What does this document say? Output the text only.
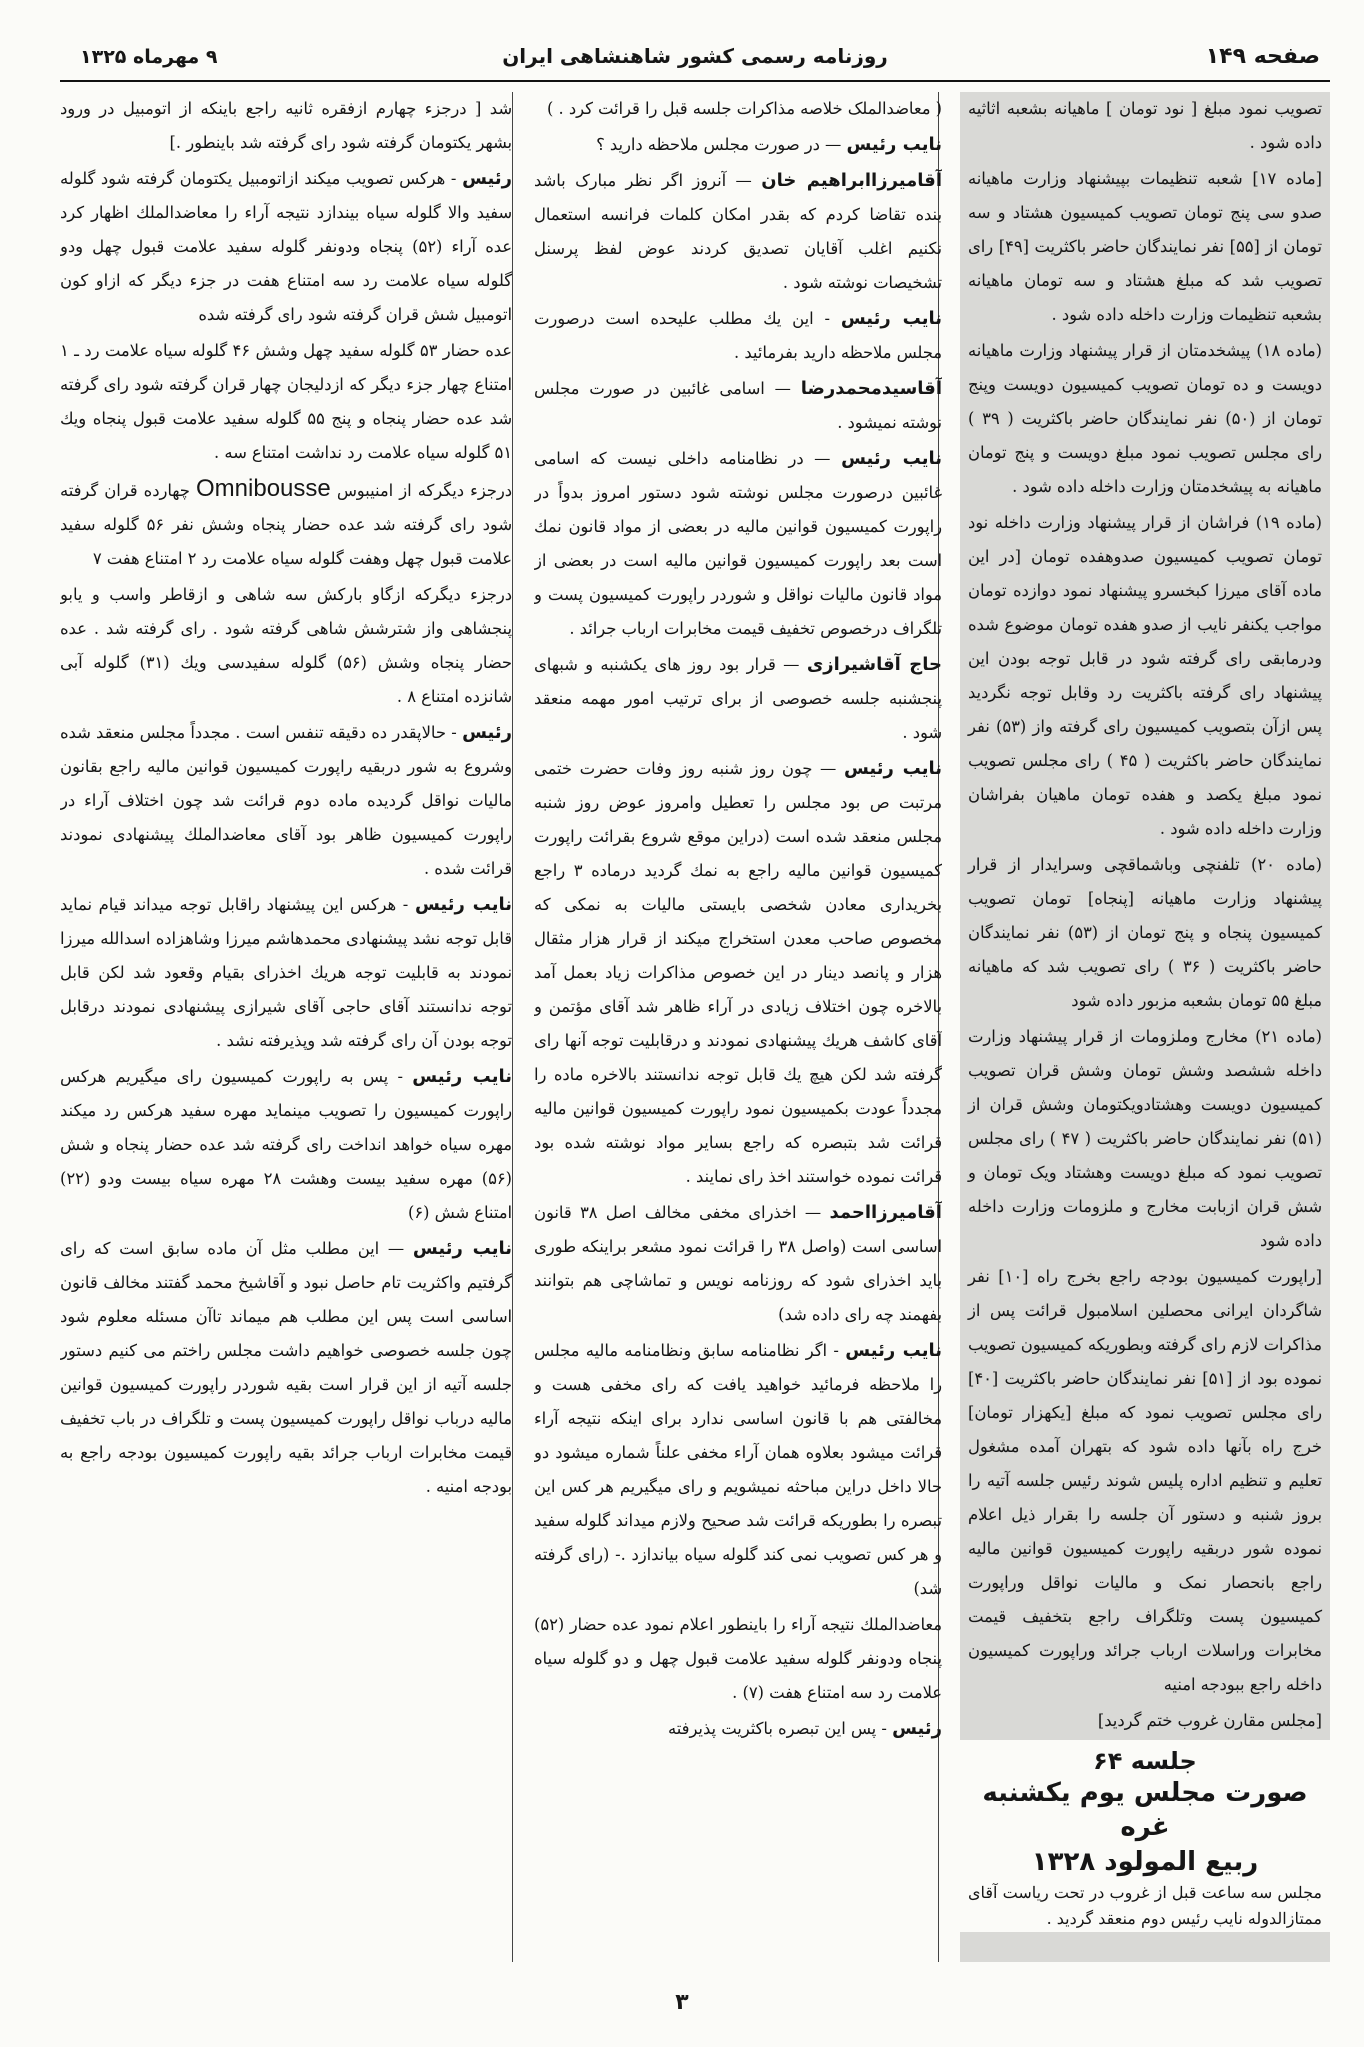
صفحه ۱۴۹
روزنامه رسمی کشور شاهنشاهی ایران
۹ مهرماه ۱۳۲۵

تصویب نمود مبلغ [ نود تومان ] ماهیانه بشعبه اثاثیه داده شود .

[ماده ۱۷] شعبه تنظیمات بپیشنهاد وزارت ماهیانه صدو سی پنج تومان تصویب کمیسیون هشتاد و سه تومان از [۵۵] نفر نمایندگان حاضر باکثریت [۴۹] رای تصویب شد که مبلغ هشتاد و سه تومان ماهیانه بشعبه تنظیمات وزارت داخله داده شود .

(ماده ۱۸) پیشخدمتان از قرار پیشنهاد وزارت ماهیانه دویست و ده تومان تصویب کمیسیون دویست وپنج تومان از (۵۰) نفر نمایندگان حاضر باکثریت ( ۳۹ ) رای مجلس تصویب نمود مبلغ دویست و پنج تومان ماهیانه به پیشخدمتان وزارت داخله داده شود .

(ماده ۱۹) فراشان از قرار پیشنهاد وزارت داخله نود تومان تصویب کمیسیون صدوهفده تومان [در این ماده آقای میرزا کبخسرو پیشنهاد نمود دوازده تومان مواجب یکنفر نایب از صدو هفده تومان موضوع شده ودرمابقی رای گرفته شود در قابل توجه بودن این پیشنهاد رای گرفته باکثریت رد وقابل توجه نگردید پس ازآن بتصویب کمیسیون رای گرفته واز (۵۳) نفر نمایندگان حاضر باکثریت ( ۴۵ ) رای مجلس تصویب نمود مبلغ یکصد و هفده تومان ماهیان بفراشان وزارت داخله داده شود .

(ماده ۲۰) تلفنچی وباشماقچی وسرایدار از قرار پیشنهاد وزارت ماهیانه [پنجاه] تومان تصویب کمیسیون پنجاه و پنج تومان از (۵۳) نفر نمایندگان حاضر باکثریت ( ۳۶ ) رای تصویب شد که ماهیانه مبلغ ۵۵ تومان بشعبه مزبور داده شود

(ماده ۲۱) مخارج وملزومات از قرار پیشنهاد وزارت داخله ششصد وشش تومان وشش قران تصویب کمیسیون دویست وهشتادویکتومان وشش قران از (۵۱) نفر نمایندگان حاضر باکثریت ( ۴۷ ) رای مجلس تصویب نمود که مبلغ دویست وهشتاد ویک تومان و شش قران ازبابت مخارج و ملزومات وزارت داخله داده شود

[راپورت کمیسیون بودجه راجع بخرج راه [۱۰] نفر شاگردان ایرانی محصلین اسلامبول قرائت پس از مذاکرات لازم رای گرفته وبطوریکه کمیسیون تصویب نموده بود از [۵۱] نفر نمایندگان حاضر باکثریت [۴۰] رای مجلس تصویب نمود که مبلغ [یکهزار تومان] خرج راه بآنها داده شود که بتهران آمده مشغول تعلیم و تنظیم اداره پلیس شوند رئیس جلسه آتیه را بروز شنبه و دستور آن جلسه را بقرار ذیل اعلام نموده شور دربقیه راپورت کمیسیون قوانین مالیه راجع بانحصار نمک و مالیات نواقل وراپورت کمیسیون پست وتلگراف راجع بتخفیف قیمت مخابرات وراسلات ارباب جرائد وراپورت کمیسیون داخله راجع ببودجه امنیه

[مجلس مقارن غروب ختم گردید]

جلسه ۶۴
صورت مجلس یوم یکشنبه غره
ربیع المولود ۱۳۲۸
مجلس سه ساعت قبل از غروب در تحت ریاست آقای ممتازالدوله نایب رئیس دوم منعقد گردید .

( معاضدالملک خلاصه مذاکرات جلسه قبل را قرائت کرد . )

نایب رئیس — در صورت مجلس ملاحظه دارید ؟

آقامیرزاابراهیم خان — آنروز اگر نظر مبارک باشد بنده تقاضا کردم که بقدر امکان کلمات فرانسه استعمال نکنیم اغلب آقایان تصدیق کردند عوض لفظ پرسنل تشخیصات نوشته شود .

نایب رئیس - این یك مطلب علیحده است درصورت مجلس ملاحظه دارید بفرمائید .

آقاسیدمحمدرضا — اسامی غائبین در صورت مجلس نوشته نمیشود .

نایب رئیس — در نظامنامه داخلی نیست که اسامی غائبین درصورت مجلس نوشته شود دستور امروز بدواً در راپورت کمیسیون قوانین مالیه در بعضی از مواد قانون نمك است بعد راپورت کمیسیون قوانین مالیه است در بعضی از مواد قانون مالیات نواقل و شوردر راپورت کمیسیون پست و تلگراف درخصوص تخفیف قیمت مخابرات ارباب جرائد .

حاج آقاشیرازی — قرار بود روز های یکشنبه و شبهای پنجشنبه جلسه خصوصی از برای ترتیب امور مهمه منعقد شود .

نایب رئیس — چون روز شنبه روز وفات حضرت ختمی مرتبت ص بود مجلس را تعطیل وامروز عوض روز شنبه مجلس منعقد شده است (دراین موقع شروع بقرائت راپورت کمیسیون قوانین مالیه راجع به نمك گردید درماده ۳ راجع بخریداری معادن شخصی بایستی مالیات به نمکی که مخصوص صاحب معدن استخراج میکند از قرار هزار مثقال هزار و پانصد دینار در این خصوص مذاکرات زیاد بعمل آمد بالاخره چون اختلاف زیادی در آراء ظاهر شد آقای مؤتمن و آقای کاشف هریك پیشنهادی نمودند و درقابلیت توجه آنها رای گرفته شد لکن هیچ یك قابل توجه ندانستند بالاخره ماده را مجدداً عودت بکمیسیون نمود راپورت کمیسیون قوانین مالیه قرائت شد بتبصره که راجع بسایر مواد نوشته شده بود قرائت نموده خواستند اخذ رای نمایند .

آقامیرزااحمد — اخذرای مخفی مخالف اصل ۳۸ قانون اساسی است (واصل ۳۸ را قرائت نمود مشعر براینکه طوری باید اخذرای شود که روزنامه نویس و تماشاچی هم بتوانند بفهمند چه رای داده شد)

نایب رئیس - اگر نظامنامه سابق ونظامنامه مالیه مجلس را ملاحظه فرمائید خواهید یافت که رای مخفی هست و مخالفتی هم با قانون اساسی ندارد برای اینکه نتیجه آراء قرائت میشود بعلاوه همان آراء مخفی علناً شماره میشود دو حالا داخل دراین مباحثه نمیشویم و رای میگیریم هر کس این تبصره را بطوریکه قرائت شد صحیح ولازم میداند گلوله سفید و هر کس تصویب نمی کند گلوله سیاه بیاندازد .- (رای گرفته شد)

معاضدالملك نتیجه آراء را باینطور اعلام نمود عده حضار (۵۲) پنجاه ودونفر گلوله سفید علامت قبول چهل و دو گلوله سیاه علامت رد سه امتناع هفت (۷) .

رئیس - پس این تبصره باکثریت پذیرفته

شد [ درجزء چهارم ازفقره ثانیه راجع باینکه از اتومبیل در ورود بشهر یکتومان گرفته شود رای گرفته شد باینطور .]

رئیس - هرکس تصویب میکند ازاتومبیل یکتومان گرفته شود گلوله سفید والا گلوله سیاه بیندازد نتیجه آراء را معاضدالملك اظهار کرد عده آراء (۵۲) پنجاه ودونفر گلوله سفید علامت قبول چهل ودو گلوله سیاه علامت رد سه امتناع هفت در جزء دیگر که ازاو کون اتومبیل شش قران گرفته شود رای گرفته شده

عده حضار ۵۳ گلوله سفید چهل وشش ۴۶ گلوله سیاه علامت رد ـ ۱ امتناع چهار جزء دیگر که ازدلیجان چهار قران گرفته شود رای گرفته شد عده حضار پنجاه و پنج ۵۵ گلوله سفید علامت قبول پنجاه ویك ۵۱ گلوله سیاه علامت رد نداشت امتناع سه .

درجزء دیگرکه از امنیبوس Omnibousse چهارده قران گرفته شود رای گرفته شد عده حضار پنجاه وشش نفر ۵۶ گلوله سفید علامت قبول چهل وهفت گلوله سیاه علامت رد ۲ امتناع هفت ۷

درجزء دیگرکه ازگاو بارکش سه شاهی و ازقاطر واسب و یابو پنجشاهی واز شترشش شاهی گرفته شود . رای گرفته شد . عده حضار پنجاه وشش (۵۶) گلوله سفیدسی ویك (۳۱) گلوله آبی شانزده امتناع ۸ .

رئیس - حالاپقدر ده دقیقه تنفس است . مجدداً مجلس منعقد شده وشروع به شور دربقیه راپورت کمیسیون قوانین مالیه راجع بقانون مالیات نواقل گردیده ماده دوم قرائت شد چون اختلاف آراء در راپورت کمیسیون ظاهر بود آقای معاضدالملك پیشنهادی نمودند قرائت شده .

نایب رئیس - هرکس این پیشنهاد راقابل توجه میداند قیام نماید قابل توجه نشد پیشنهادی محمدهاشم میرزا وشاهزاده اسدالله میرزا نمودند به قابلیت توجه هریك اخذرای بقیام وقعود شد لکن قابل توجه ندانستند آقای حاجی آقای شیرازی پیشنهادی نمودند درقابل توجه بودن آن رای گرفته شد وپذیرفته نشد .

نایب رئیس - پس به راپورت کمیسیون رای میگیریم هرکس راپورت کمیسیون را تصویب مینماید مهره سفید هرکس رد میکند مهره سیاه خواهد انداخت رای گرفته شد عده حضار پنجاه و شش (۵۶) مهره سفید بیست وهشت ۲۸ مهره سیاه بیست ودو (۲۲) امتناع شش (۶)

نایب رئیس — این مطلب مثل آن ماده سابق است که رای گرفتیم واکثریت تام حاصل نبود و آقاشیخ محمد گفتند مخالف قانون اساسی است پس این مطلب هم میماند تاآن مسئله معلوم شود چون جلسه خصوصی خواهیم داشت مجلس راختم می کنیم دستور جلسه آتیه از این قرار است بقیه شوردر راپورت کمیسیون قوانین مالیه درباب نواقل راپورت کمیسیون پست و تلگراف در باب تخفیف قیمت مخابرات ارباب جرائد بقیه راپورت کمیسیون بودجه راجع به بودجه امنیه .

۳
